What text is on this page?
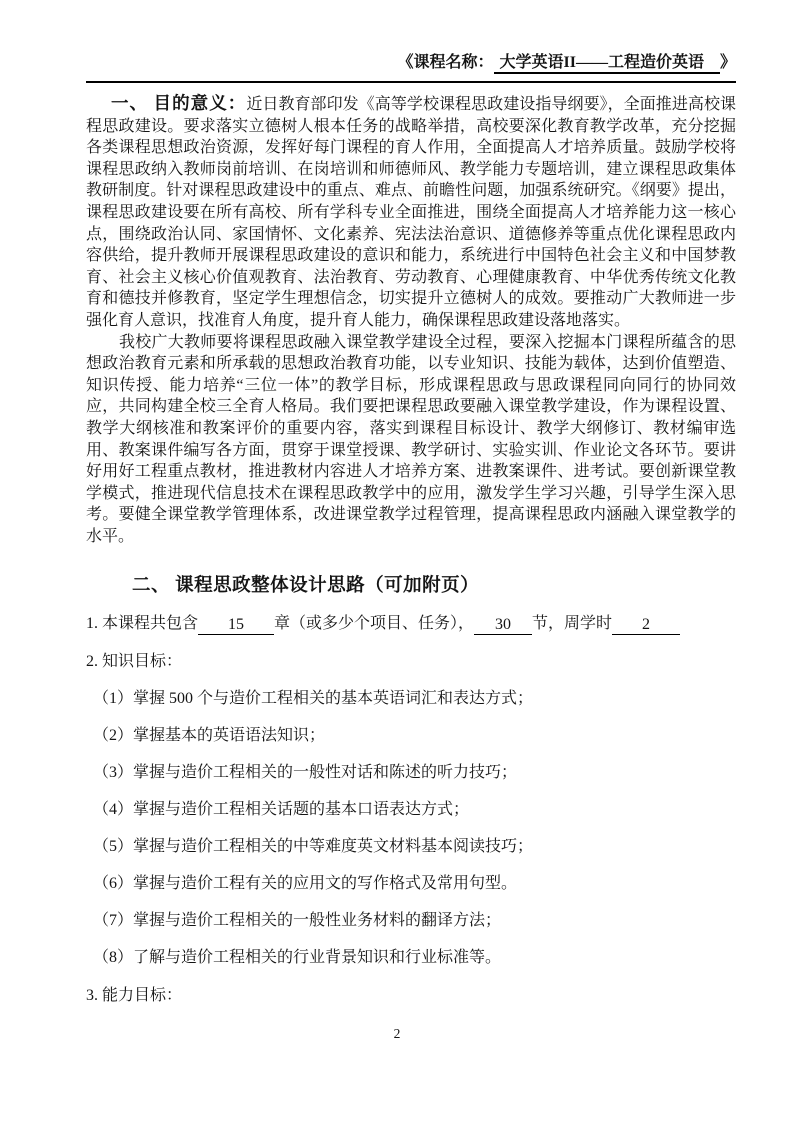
《课程名称： 大学英语II——工程造价英语 》

一、 目的意义：近日教育部印发《高等学校课程思政建设指导纲要》，全面推进高校课程思政建设。要求落实立德树人根本任务的战略举措，高校要深化教育教学改革，充分挖掘各类课程思想政治资源，发挥好每门课程的育人作用，全面提高人才培养质量。鼓励学校将课程思政纳入教师岗前培训、在岗培训和师德师风、教学能力专题培训，建立课程思政集体教研制度。针对课程思政建设中的重点、难点、前瞻性问题，加强系统研究。《纲要》提出，课程思政建设要在所有高校、所有学科专业全面推进，围绕全面提高人才培养能力这一核心点，围绕政治认同、家国情怀、文化素养、宪法法治意识、道德修养等重点优化课程思政内容供给，提升教师开展课程思政建设的意识和能力，系统进行中国特色社会主义和中国梦教育、社会主义核心价值观教育、法治教育、劳动教育、心理健康教育、中华优秀传统文化教育和德技并修教育，坚定学生理想信念，切实提升立德树人的成效。要推动广大教师进一步强化育人意识，找准育人角度，提升育人能力，确保课程思政建设落地落实。

我校广大教师要将课程思政融入课堂教学建设全过程，要深入挖掘本门课程所蕴含的思想政治教育元素和所承载的思想政治教育功能，以专业知识、技能为载体，达到价值塑造、知识传授、能力培养“三位一体”的教学目标，形成课程思政与思政课程同向同行的协同效应，共同构建全校三全育人格局。我们要把课程思政要融入课堂教学建设，作为课程设置、教学大纲核准和教案评价的重要内容，落实到课程目标设计、教学大纲修订、教材编审选用、教案课件编写各方面，贯穿于课堂授课、教学研讨、实验实训、作业论文各环节。要讲好用好工程重点教材，推进教材内容进人才培养方案、进教案课件、进考试。要创新课堂教学模式，推进现代信息技术在课程思政教学中的应用，激发学生学习兴趣，引导学生深入思考。要健全课堂教学管理体系，改进课堂教学过程管理，提高课程思政内涵融入课堂教学的水平。

二、 课程思政整体设计思路（可加附页）
1. 本课程共包含 15 章（或多少个项目、任务）， 30 节，周学时 2
2. 知识目标：
（1）掌握 500 个与造价工程相关的基本英语词汇和表达方式；
（2）掌握基本的英语语法知识；
（3）掌握与造价工程相关的一般性对话和陈述的听力技巧；
（4）掌握与造价工程相关话题的基本口语表达方式；
（5）掌握与造价工程相关的中等难度英文材料基本阅读技巧；
（6）掌握与造价工程有关的应用文的写作格式及常用句型。
（7）掌握与造价工程相关的一般性业务材料的翻译方法；
（8）了解与造价工程相关的行业背景知识和行业标准等。
3. 能力目标：
2
